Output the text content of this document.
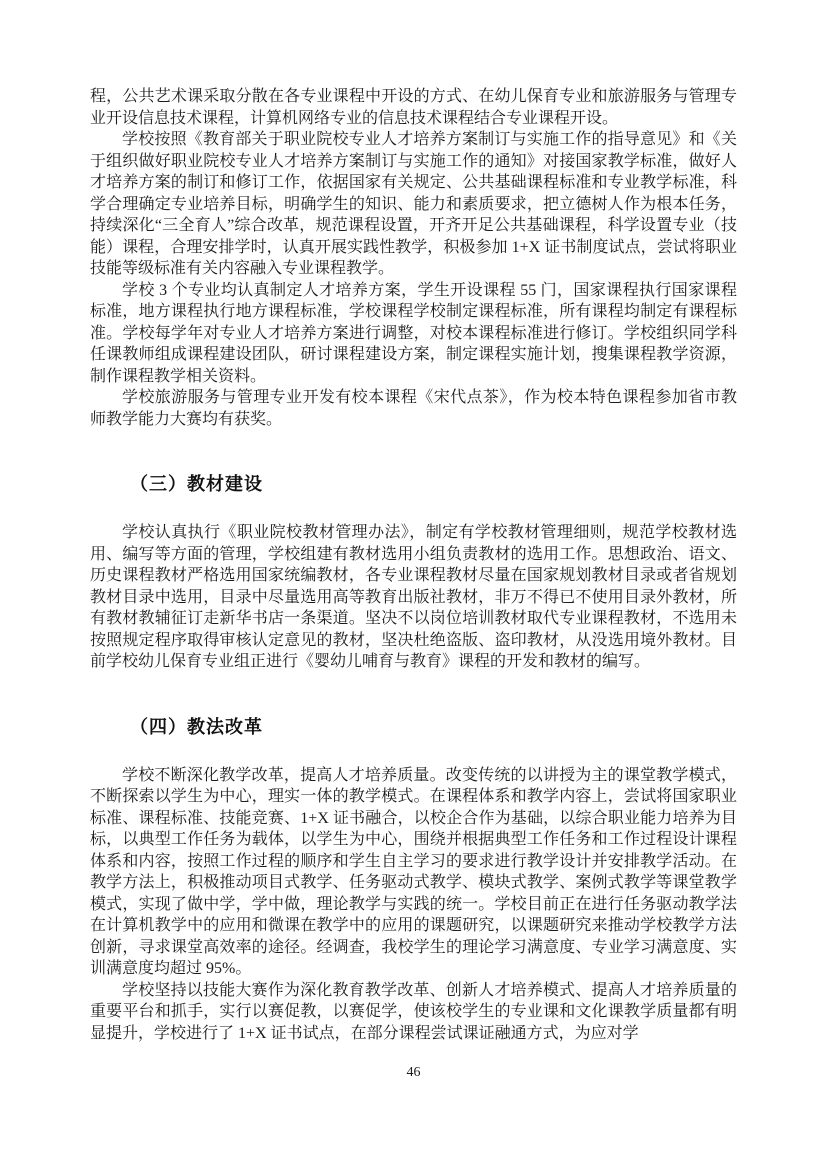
程，公共艺术课采取分散在各专业课程中开设的方式、在幼儿保育专业和旅游服务与管理专业开设信息技术课程，计算机网络专业的信息技术课程结合专业课程开设。

学校按照《教育部关于职业院校专业人才培养方案制订与实施工作的指导意见》和《关于组织做好职业院校专业人才培养方案制订与实施工作的通知》对接国家教学标准，做好人才培养方案的制订和修订工作，依据国家有关规定、公共基础课程标准和专业教学标准，科学合理确定专业培养目标，明确学生的知识、能力和素质要求，把立德树人作为根本任务，持续深化“三全育人”综合改革，规范课程设置，开齐开足公共基础课程，科学设置专业（技能）课程，合理安排学时，认真开展实践性教学，积极参加 1+X 证书制度试点，尝试将职业技能等级标准有关内容融入专业课程教学。

学校 3 个专业均认真制定人才培养方案，学生开设课程 55 门，国家课程执行国家课程标准，地方课程执行地方课程标准，学校课程学校制定课程标准，所有课程均制定有课程标准。学校每学年对专业人才培养方案进行调整，对校本课程标准进行修订。学校组织同学科任课教师组成课程建设团队，研讨课程建设方案，制定课程实施计划，搜集课程教学资源，制作课程教学相关资料。

学校旅游服务与管理专业开发有校本课程《宋代点茶》，作为校本特色课程参加省市教师教学能力大赛均有获奖。

（三）教材建设

学校认真执行《职业院校教材管理办法》，制定有学校教材管理细则，规范学校教材选用、编写等方面的管理，学校组建有教材选用小组负责教材的选用工作。思想政治、语文、历史课程教材严格选用国家统编教材，各专业课程教材尽量在国家规划教材目录或者省规划教材目录中选用，目录中尽量选用高等教育出版社教材，非万不得已不使用目录外教材，所有教材教辅征订走新华书店一条渠道。坚决不以岗位培训教材取代专业课程教材，不选用未按照规定程序取得审核认定意见的教材，坚决杜绝盗版、盗印教材，从没选用境外教材。目前学校幼儿保育专业组正进行《婴幼儿哺育与教育》课程的开发和教材的编写。

（四）教法改革

学校不断深化教学改革，提高人才培养质量。改变传统的以讲授为主的课堂教学模式，不断探索以学生为中心，理实一体的教学模式。在课程体系和教学内容上，尝试将国家职业标准、课程标准、技能竞赛、1+X 证书融合，以校企合作为基础，以综合职业能力培养为目标，以典型工作任务为载体，以学生为中心，围绕并根据典型工作任务和工作过程设计课程体系和内容，按照工作过程的顺序和学生自主学习的要求进行教学设计并安排教学活动。在教学方法上，积极推动项目式教学、任务驱动式教学、模块式教学、案例式教学等课堂教学模式，实现了做中学，学中做，理论教学与实践的统一。学校目前正在进行任务驱动教学法在计算机教学中的应用和微课在教学中的应用的课题研究，以课题研究来推动学校教学方法创新，寻求课堂高效率的途径。经调查，我校学生的理论学习满意度、专业学习满意度、实训满意度均超过 95%。

学校坚持以技能大赛作为深化教育教学改革、创新人才培养模式、提高人才培养质量的重要平台和抓手，实行以赛促教，以赛促学，使该校学生的专业课和文化课教学质量都有明显提升，学校进行了 1+X 证书试点，在部分课程尝试课证融通方式，为应对学

46
